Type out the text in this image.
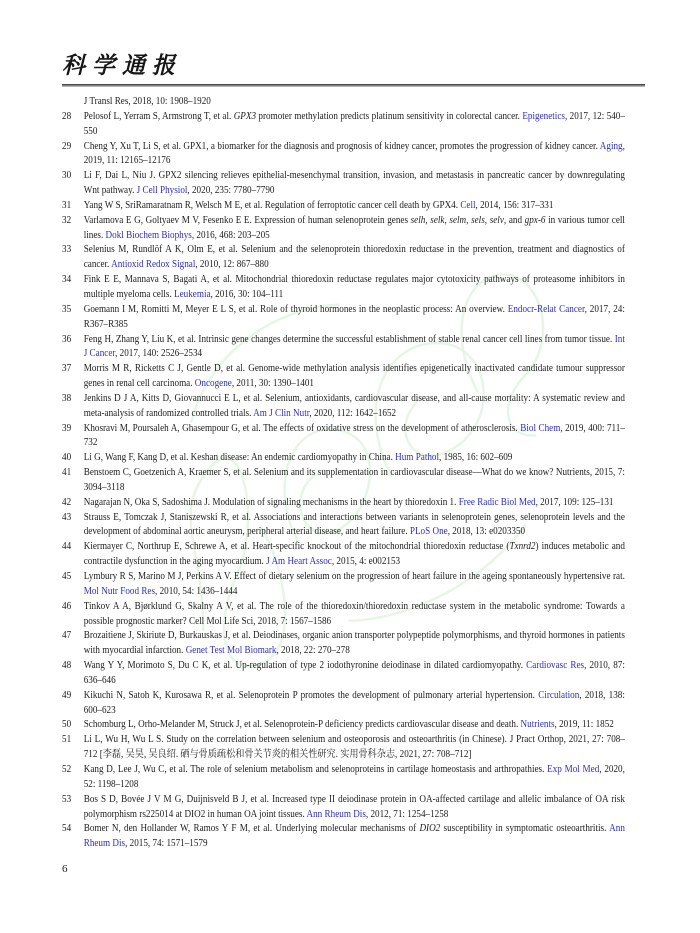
科学通报
J Transl Res, 2018, 10: 1908–1920
28 Pelosof L, Yerram S, Armstrong T, et al. GPX3 promoter methylation predicts platinum sensitivity in colorectal cancer. Epigenetics, 2017, 12: 540–550
29 Cheng Y, Xu T, Li S, et al. GPX1, a biomarker for the diagnosis and prognosis of kidney cancer, promotes the progression of kidney cancer. Aging, 2019, 11: 12165–12176
30 Li F, Dai L, Niu J. GPX2 silencing relieves epithelial-mesenchymal transition, invasion, and metastasis in pancreatic cancer by downregulating Wnt pathway. J Cell Physiol, 2020, 235: 7780–7790
31 Yang W S, SriRamaratnam R, Welsch M E, et al. Regulation of ferroptotic cancer cell death by GPX4. Cell, 2014, 156: 317–331
32 Varlamova E G, Goltyaev M V, Fesenko E E. Expression of human selenoprotein genes selh, selk, selm, sels, selv, and gpx-6 in various tumor cell lines. Dokl Biochem Biophys, 2016, 468: 203–205
33 Selenius M, Rundlöf A K, Olm E, et al. Selenium and the selenoprotein thioredoxin reductase in the prevention, treatment and diagnostics of cancer. Antioxid Redox Signal, 2010, 12: 867–880
34 Fink E E, Mannava S, Bagati A, et al. Mitochondrial thioredoxin reductase regulates major cytotoxicity pathways of proteasome inhibitors in multiple myeloma cells. Leukemia, 2016, 30: 104–111
35 Goemann I M, Romitti M, Meyer E L S, et al. Role of thyroid hormones in the neoplastic process: An overview. Endocr-Relat Cancer, 2017, 24: R367–R385
36 Feng H, Zhang Y, Liu K, et al. Intrinsic gene changes determine the successful establishment of stable renal cancer cell lines from tumor tissue. Int J Cancer, 2017, 140: 2526–2534
37 Morris M R, Ricketts C J, Gentle D, et al. Genome-wide methylation analysis identifies epigenetically inactivated candidate tumour suppressor genes in renal cell carcinoma. Oncogene, 2011, 30: 1390–1401
38 Jenkins D J A, Kitts D, Giovannucci E L, et al. Selenium, antioxidants, cardiovascular disease, and all-cause mortality: A systematic review and meta-analysis of randomized controlled trials. Am J Clin Nutr, 2020, 112: 1642–1652
39 Khosravi M, Poursaleh A, Ghasempour G, et al. The effects of oxidative stress on the development of atherosclerosis. Biol Chem, 2019, 400: 711–732
40 Li G, Wang F, Kang D, et al. Keshan disease: An endemic cardiomyopathy in China. Hum Pathol, 1985, 16: 602–609
41 Benstoem C, Goetzenich A, Kraemer S, et al. Selenium and its supplementation in cardiovascular disease—What do we know? Nutrients, 2015, 7: 3094–3118
42 Nagarajan N, Oka S, Sadoshima J. Modulation of signaling mechanisms in the heart by thioredoxin 1. Free Radic Biol Med, 2017, 109: 125–131
43 Strauss E, Tomczak J, Staniszewski R, et al. Associations and interactions between variants in selenoprotein genes, selenoprotein levels and the development of abdominal aortic aneurysm, peripheral arterial disease, and heart failure. PLoS One, 2018, 13: e0203350
44 Kiermayer C, Northrup E, Schrewe A, et al. Heart-specific knockout of the mitochondrial thioredoxin reductase (Txnrd2) induces metabolic and contractile dysfunction in the aging myocardium. J Am Heart Assoc, 2015, 4: e002153
45 Lymbury R S, Marino M J, Perkins A V. Effect of dietary selenium on the progression of heart failure in the ageing spontaneously hypertensive rat. Mol Nutr Food Res, 2010, 54: 1436–1444
46 Tinkov A A, Bjørklund G, Skalny A V, et al. The role of the thioredoxin/thioredoxin reductase system in the metabolic syndrome: Towards a possible prognostic marker? Cell Mol Life Sci, 2018, 7: 1567–1586
47 Brozaitiene J, Skiriute D, Burkauskas J, et al. Deiodinases, organic anion transporter polypeptide polymorphisms, and thyroid hormones in patients with myocardial infarction. Genet Test Mol Biomark, 2018, 22: 270–278
48 Wang Y Y, Morimoto S, Du C K, et al. Up-regulation of type 2 iodothyronine deiodinase in dilated cardiomyopathy. Cardiovasc Res, 2010, 87: 636–646
49 Kikuchi N, Satoh K, Kurosawa R, et al. Selenoprotein P promotes the development of pulmonary arterial hypertension. Circulation, 2018, 138: 600–623
50 Schomburg L, Orho-Melander M, Struck J, et al. Selenoprotein-P deficiency predicts cardiovascular disease and death. Nutrients, 2019, 11: 1852
51 Li L, Wu H, Wu L S. Study on the correlation between selenium and osteoporosis and osteoarthritis (in Chinese). J Pract Orthop, 2021, 27: 708–712 [李磊, 吴昊, 吴良绍. 硒与骨质疏松和骨关节炎的相关性研究. 实用骨科杂志, 2021, 27: 708–712]
52 Kang D, Lee J, Wu C, et al. The role of selenium metabolism and selenoproteins in cartilage homeostasis and arthropathies. Exp Mol Med, 2020, 52: 1198–1208
53 Bos S D, Bovée J V M G, Duijnisveld B J, et al. Increased type II deiodinase protein in OA-affected cartilage and allelic imbalance of OA risk polymorphism rs225014 at DIO2 in human OA joint tissues. Ann Rheum Dis, 2012, 71: 1254–1258
54 Bomer N, den Hollander W, Ramos Y F M, et al. Underlying molecular mechanisms of DIO2 susceptibility in symptomatic osteoarthritis. Ann Rheum Dis, 2015, 74: 1571–1579
6
